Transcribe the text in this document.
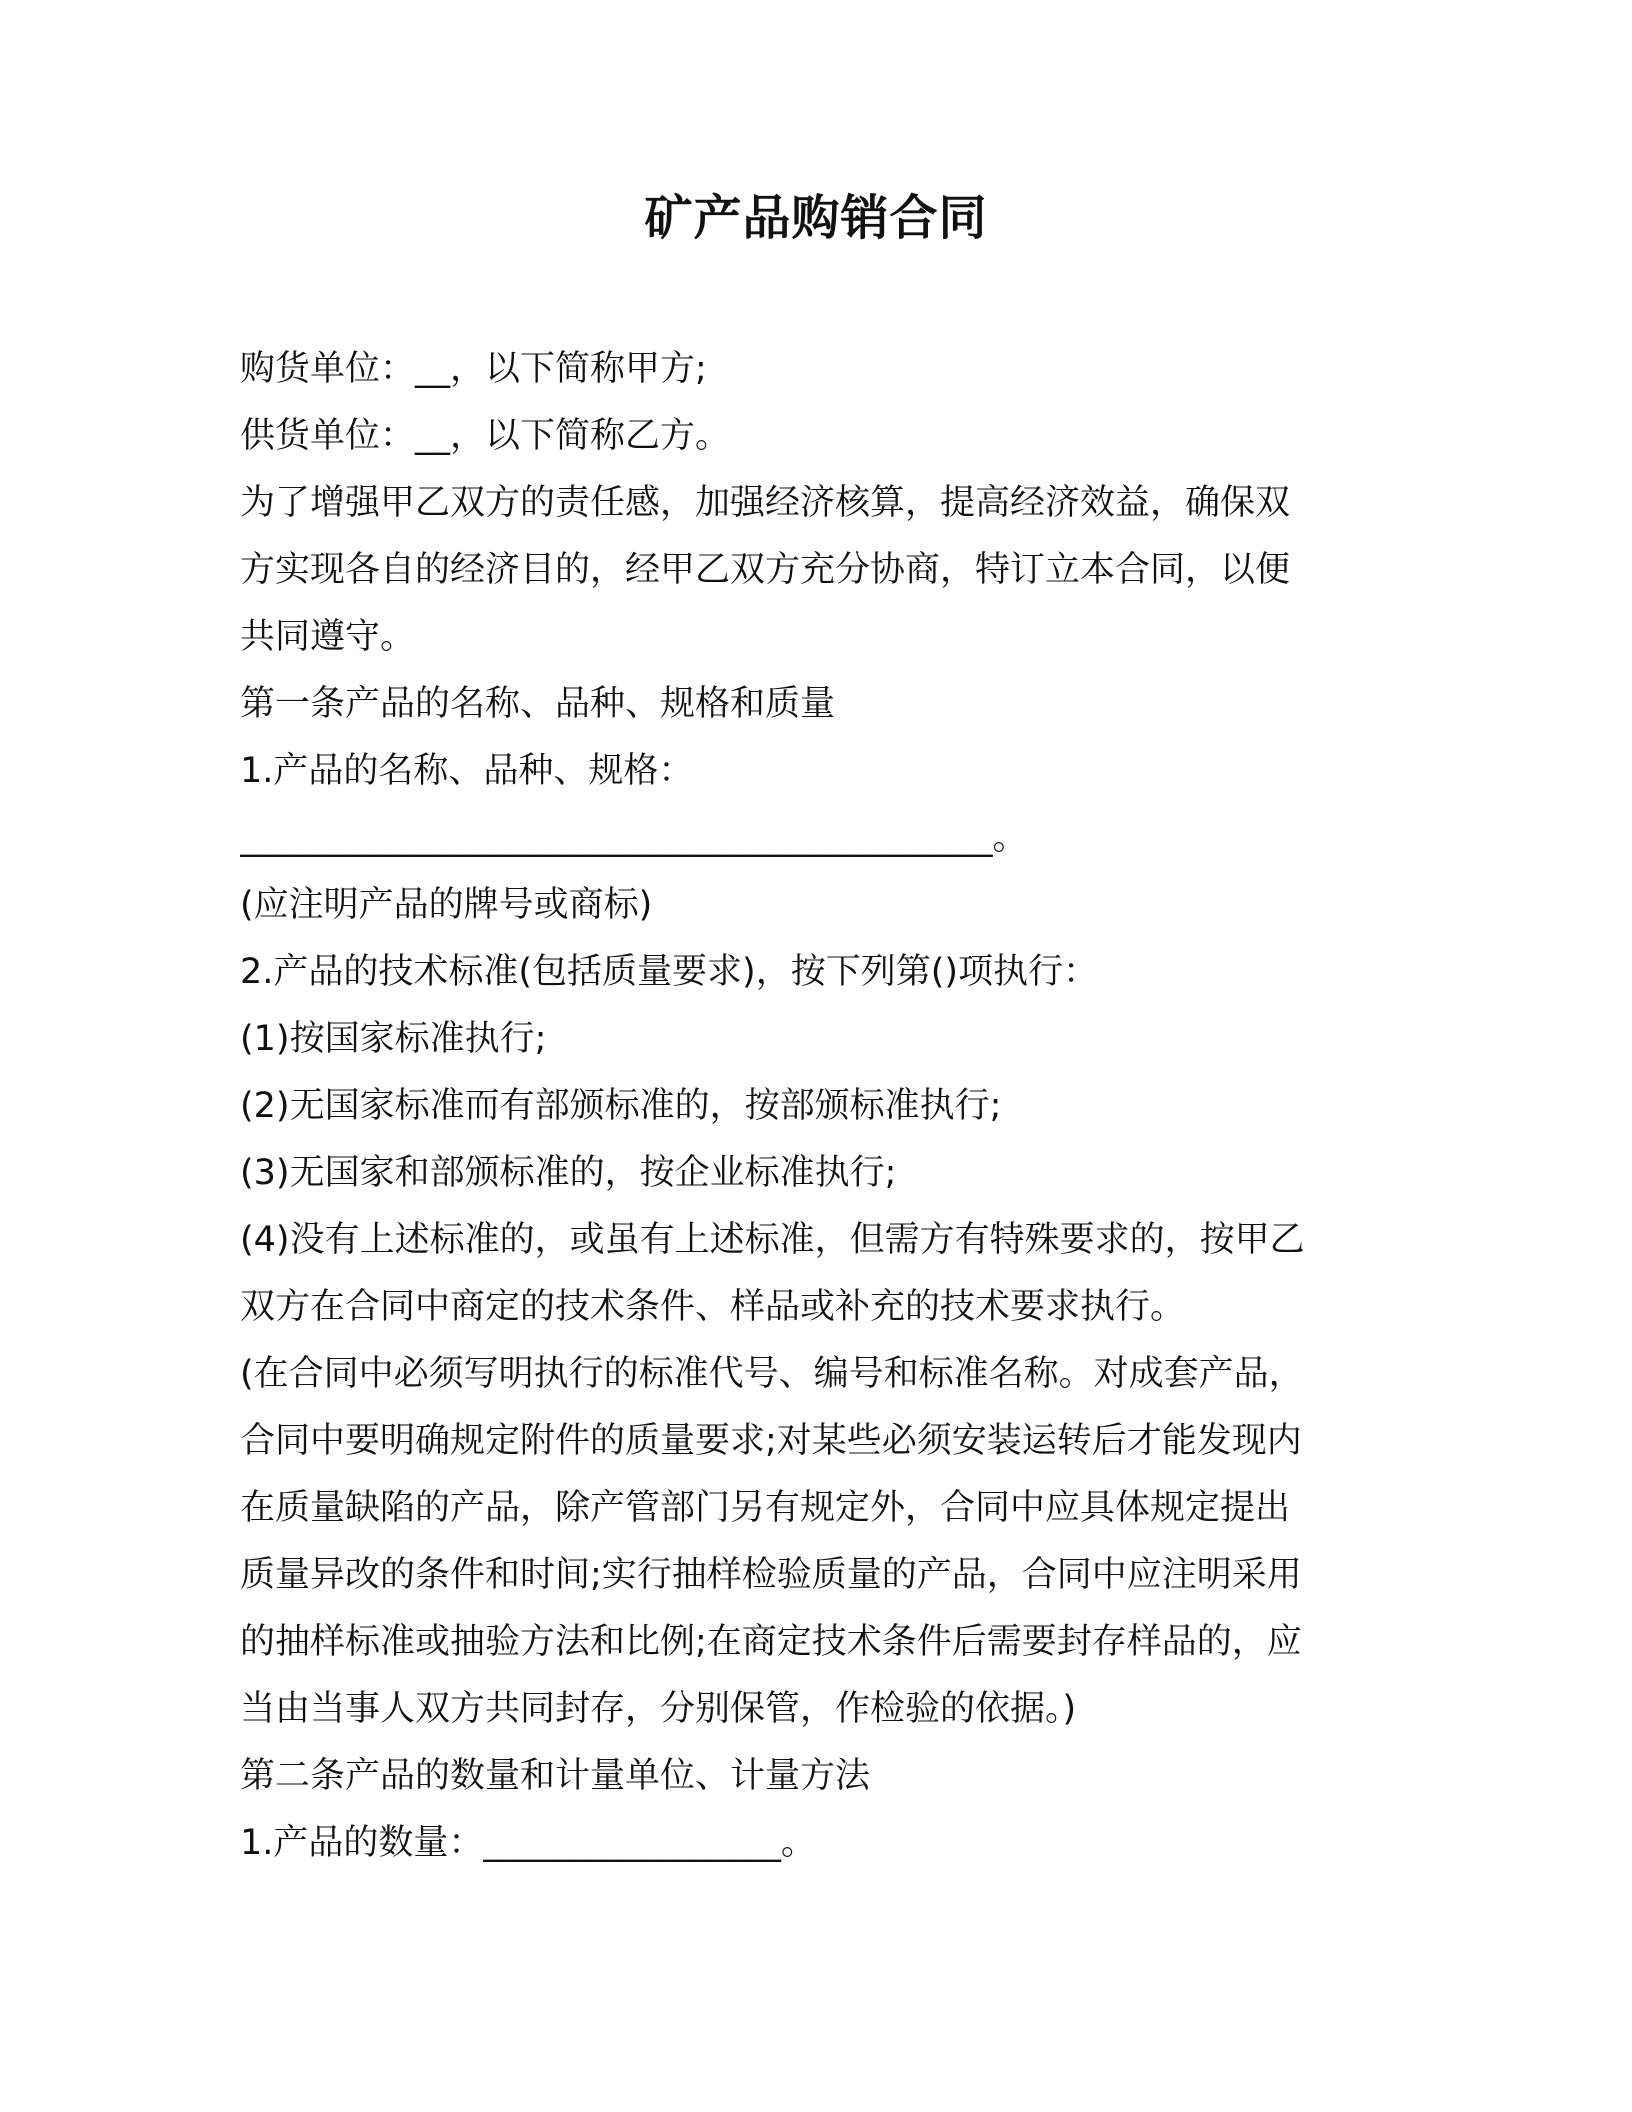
矿产品购销合同
购货单位：__，以下简称甲方;
供货单位：__，以下简称乙方。
为了增强甲乙双方的责任感，加强经济核算，提高经济效益，确保双
方实现各自的经济目的，经甲乙双方充分协商，特订立本合同，以便
共同遵守。
第一条产品的名称、品种、规格和质量
1.产品的名称、品种、规格：
___________________________________________。
(应注明产品的牌号或商标)
2.产品的技术标准(包括质量要求)，按下列第()项执行：
(1)按国家标准执行;
(2)无国家标准而有部颁标准的，按部颁标准执行;
(3)无国家和部颁标准的，按企业标准执行;
(4)没有上述标准的，或虽有上述标准，但需方有特殊要求的，按甲乙
双方在合同中商定的技术条件、样品或补充的技术要求执行。
(在合同中必须写明执行的标准代号、编号和标准名称。对成套产品，
合同中要明确规定附件的质量要求;对某些必须安装运转后才能发现内
在质量缺陷的产品，除产管部门另有规定外，合同中应具体规定提出
质量异改的条件和时间;实行抽样检验质量的产品，合同中应注明采用
的抽样标准或抽验方法和比例;在商定技术条件后需要封存样品的，应
当由当事人双方共同封存，分别保管，作检验的依据。)
第二条产品的数量和计量单位、计量方法
1.产品的数量：_________________。
